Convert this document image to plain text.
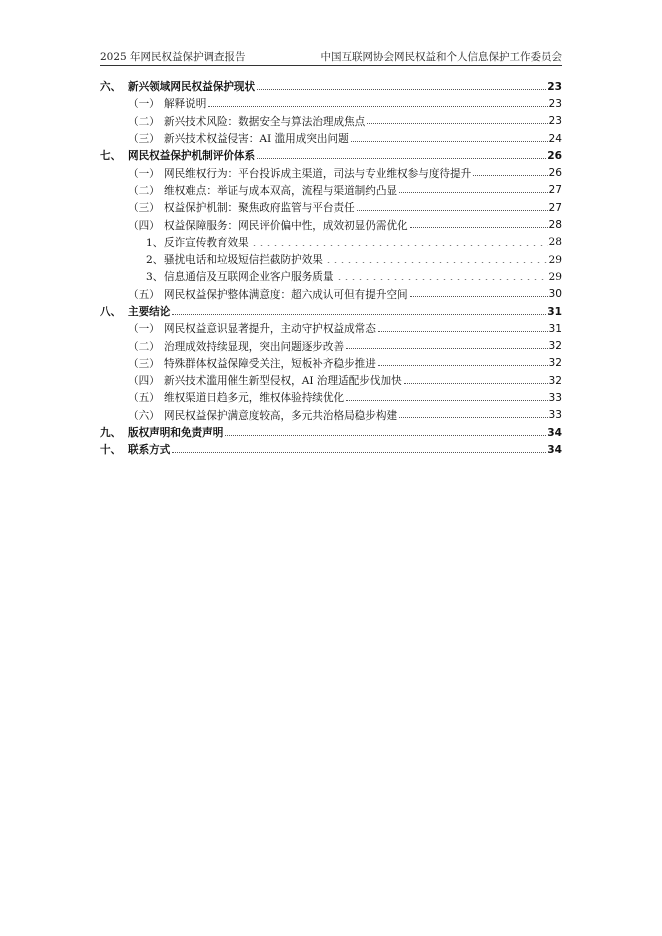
2025 年网民权益保护调查报告	中国互联网协会网民权益和个人信息保护工作委员会
六、 新兴领域网民权益保护现状	23
（一） 解释说明	23
（二） 新兴技术风险：数据安全与算法治理成焦点	23
（三） 新兴技术权益侵害：AI 滥用成突出问题	24
七、 网民权益保护机制评价体系	26
（一） 网民维权行为：平台投诉成主渠道，司法与专业维权参与度待提升	26
（二） 维权难点：举证与成本双高，流程与渠道制约凸显	27
（三） 权益保护机制：聚焦政府监管与平台责任	27
（四） 权益保障服务：网民评价偏中性，成效初显仍需优化	28
1、 反诈宣传教育效果	28
2、 骚扰电话和垃圾短信拦截防护效果	29
3、 信息通信及互联网企业客户服务质量	29
（五） 网民权益保护整体满意度：超六成认可但有提升空间	30
八、 主要结论	31
（一） 网民权益意识显著提升，主动守护权益成常态	31
（二） 治理成效持续显现，突出问题逐步改善	32
（三） 特殊群体权益保障受关注，短板补齐稳步推进	32
（四） 新兴技术滥用催生新型侵权，AI 治理适配步伐加快	32
（五） 维权渠道日趋多元，维权体验持续优化	33
（六） 网民权益保护满意度较高，多元共治格局稳步构建	33
九、 版权声明和免责声明	34
十、 联系方式	34
